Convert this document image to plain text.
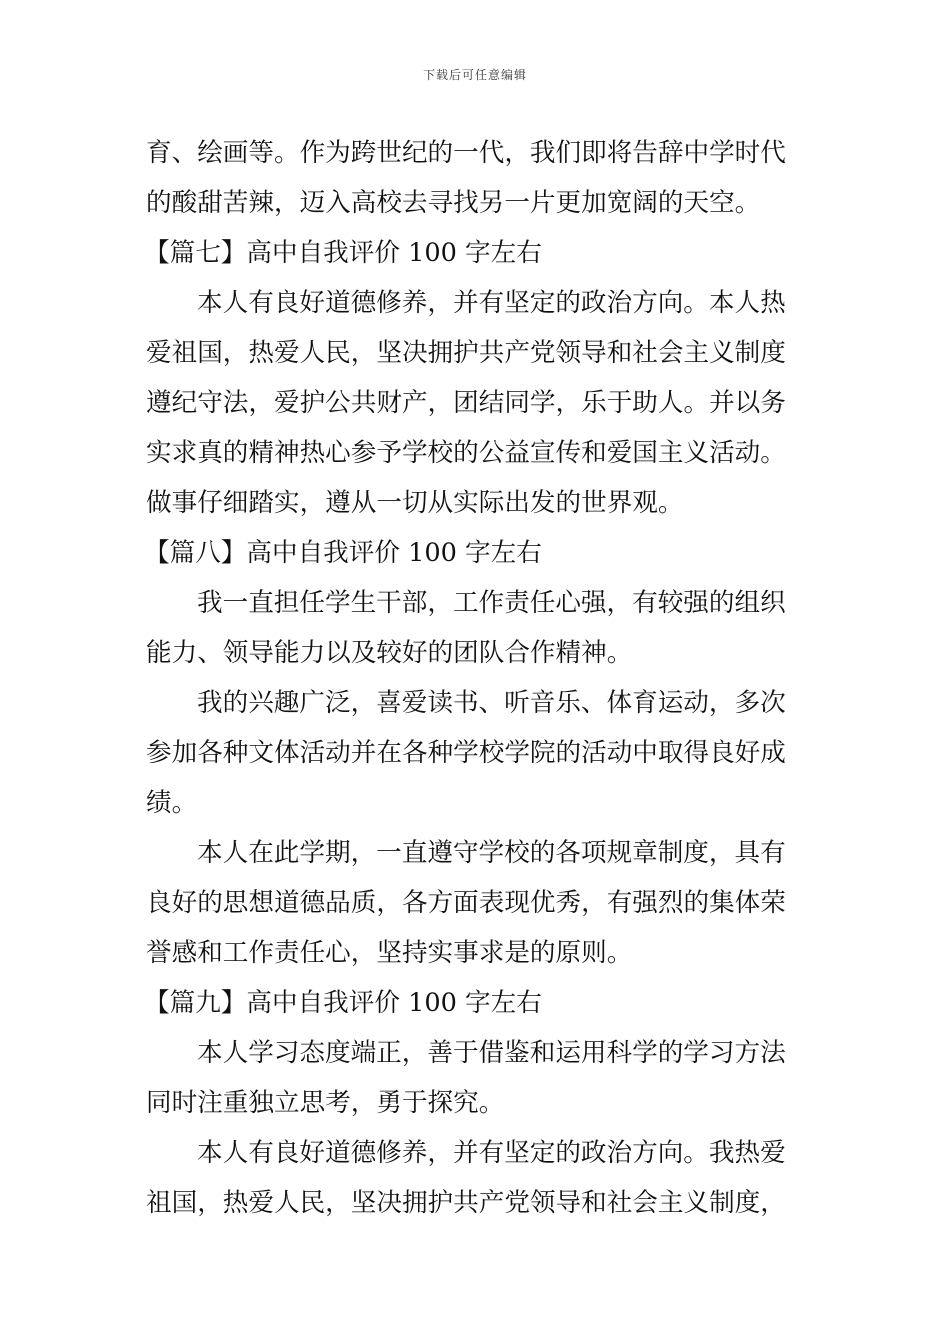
下载后可任意编辑
育、绘画等。作为跨世纪的一代，我们即将告辞中学时代
的酸甜苦辣，迈入高校去寻找另一片更加宽阔的天空。
【篇七】高中自我评价 100 字左右
本人有良好道德修养，并有坚定的政治方向。本人热
爱祖国，热爱人民，坚决拥护共产党领导和社会主义制度
遵纪守法，爱护公共财产，团结同学，乐于助人。并以务
实求真的精神热心参予学校的公益宣传和爱国主义活动。
做事仔细踏实，遵从一切从实际出发的世界观。
【篇八】高中自我评价 100 字左右
我一直担任学生干部，工作责任心强，有较强的组织
能力、领导能力以及较好的团队合作精神。
我的兴趣广泛，喜爱读书、听音乐、体育运动，多次
参加各种文体活动并在各种学校学院的活动中取得良好成
绩。
本人在此学期，一直遵守学校的各项规章制度，具有
良好的思想道德品质，各方面表现优秀，有强烈的集体荣
誉感和工作责任心，坚持实事求是的原则。
【篇九】高中自我评价 100 字左右
本人学习态度端正，善于借鉴和运用科学的学习方法
同时注重独立思考，勇于探究。
本人有良好道德修养，并有坚定的政治方向。我热爱
祖国，热爱人民，坚决拥护共产党领导和社会主义制度，
